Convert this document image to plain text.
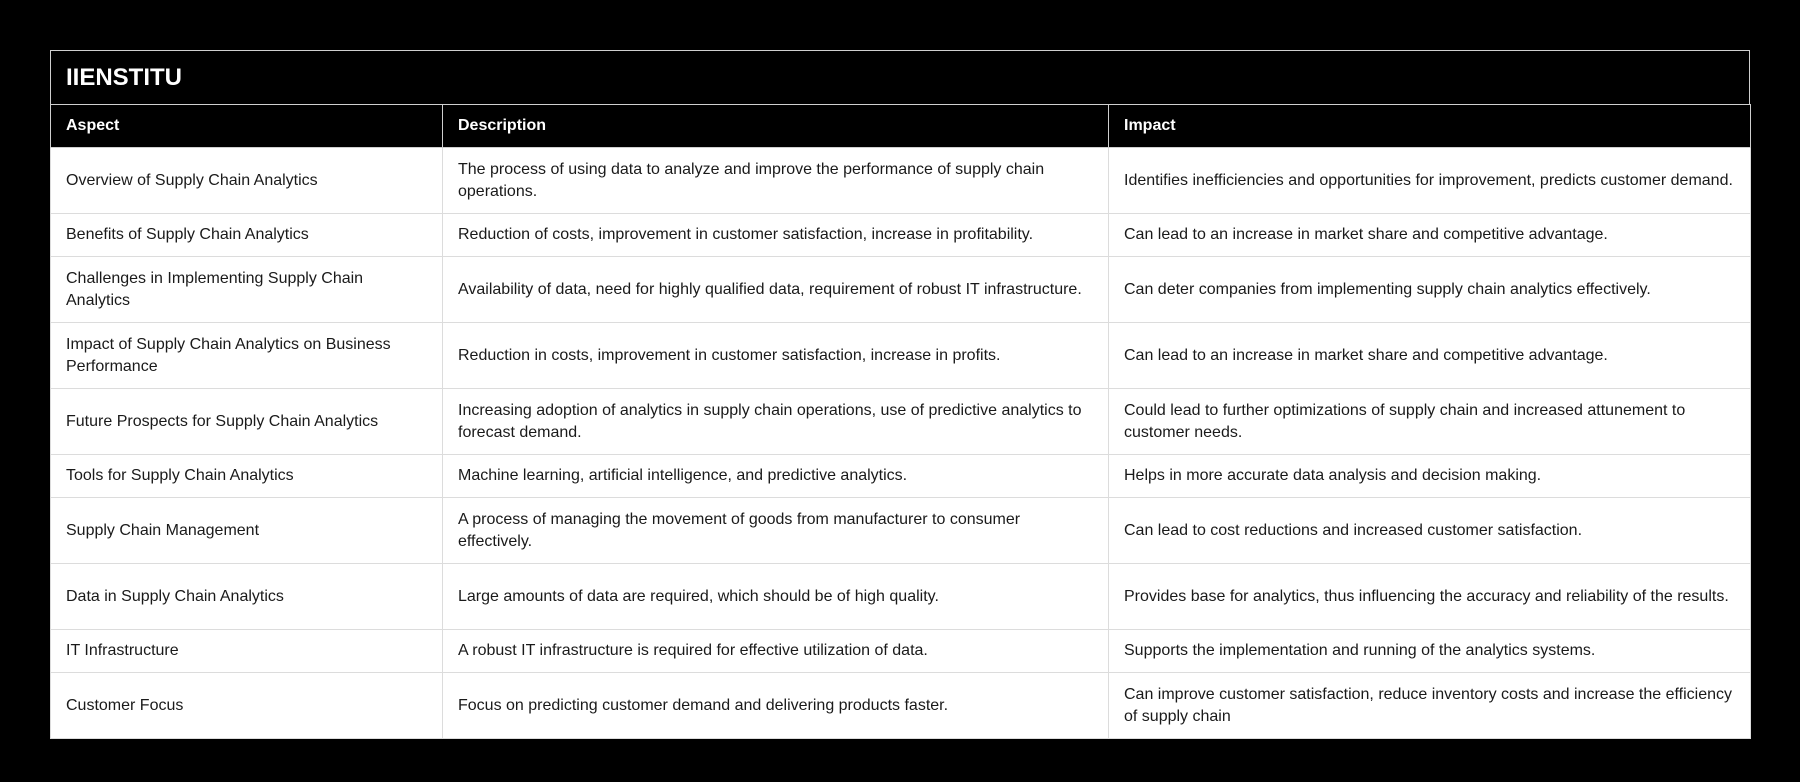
IIENSTITU
Aspect	Description	Impact
Overview of Supply Chain Analytics	The process of using data to analyze and improve the performance of supply chain operations.	Identifies inefficiencies and opportunities for improvement, predicts customer demand.
Benefits of Supply Chain Analytics	Reduction of costs, improvement in customer satisfaction, increase in profitability.	Can lead to an increase in market share and competitive advantage.
Challenges in Implementing Supply Chain Analytics	Availability of data, need for highly qualified data, requirement of robust IT infrastructure.	Can deter companies from implementing supply chain analytics effectively.
Impact of Supply Chain Analytics on Business Performance	Reduction in costs, improvement in customer satisfaction, increase in profits.	Can lead to an increase in market share and competitive advantage.
Future Prospects for Supply Chain Analytics	Increasing adoption of analytics in supply chain operations, use of predictive analytics to forecast demand.	Could lead to further optimizations of supply chain and increased attunement to customer needs.
Tools for Supply Chain Analytics	Machine learning, artificial intelligence, and predictive analytics.	Helps in more accurate data analysis and decision making.
Supply Chain Management	A process of managing the movement of goods from manufacturer to consumer effectively.	Can lead to cost reductions and increased customer satisfaction.
Data in Supply Chain Analytics	Large amounts of data are required, which should be of high quality.	Provides base for analytics, thus influencing the accuracy and reliability of the results.
IT Infrastructure	A robust IT infrastructure is required for effective utilization of data.	Supports the implementation and running of the analytics systems.
Customer Focus	Focus on predicting customer demand and delivering products faster.	Can improve customer satisfaction, reduce inventory costs and increase the efficiency of supply chain
